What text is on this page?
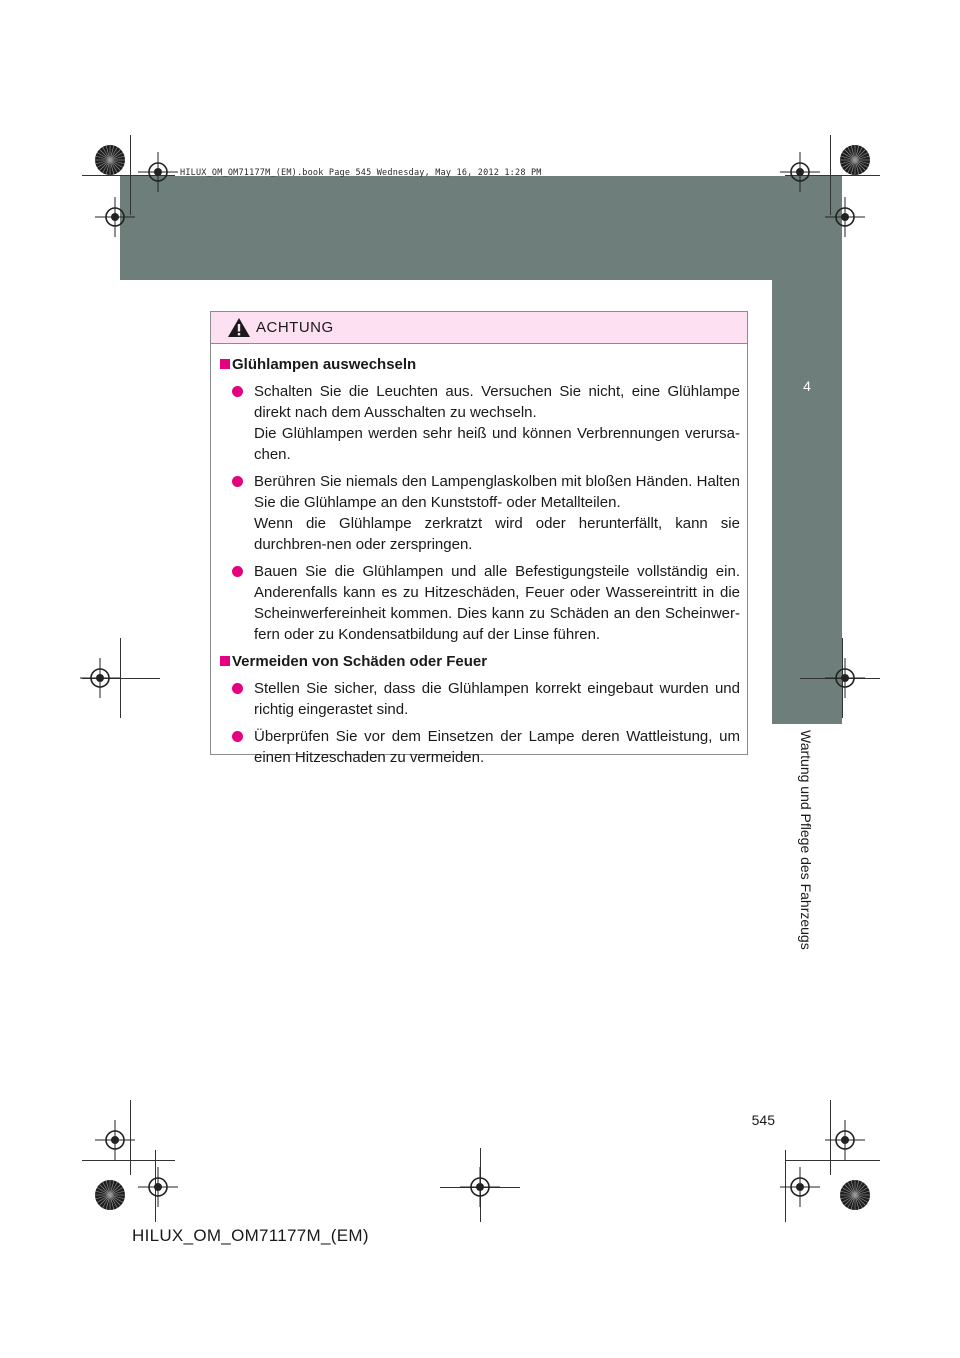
HILUX_OM_OM71177M_(EM).book Page 545 Wednesday, May 16, 2012 1:28 PM
4
Wartung und Pflege des Fahrzeugs
ACHTUNG
Glühlampen auswechseln

Schalten Sie die Leuchten aus. Versuchen Sie nicht, eine Glühlampe direkt nach dem Ausschalten zu wechseln.

Die Glühlampen werden sehr heiß und können Verbrennungen verursa-chen.

Berühren Sie niemals den Lampenglaskolben mit bloßen Händen. Halten Sie die Glühlampe an den Kunststoff- oder Metallteilen.

Wenn die Glühlampe zerkratzt wird oder herunterfällt, kann sie durchbren-nen oder zerspringen.

Bauen Sie die Glühlampen und alle Befestigungsteile vollständig ein. Anderenfalls kann es zu Hitzeschäden, Feuer oder Wassereintritt in die Scheinwerfereinheit kommen. Dies kann zu Schäden an den Scheinwer-fern oder zu Kondensatbildung auf der Linse führen.

Vermeiden von Schäden oder Feuer

Stellen Sie sicher, dass die Glühlampen korrekt eingebaut wurden und richtig eingerastet sind.

Überprüfen Sie vor dem Einsetzen der Lampe deren Wattleistung, um einen Hitzeschaden zu vermeiden.

545
HILUX_OM_OM71177M_(EM)
